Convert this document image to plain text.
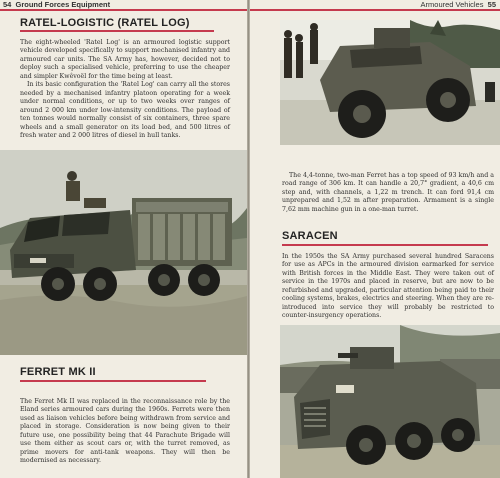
54 Ground Forces Equipment
RATEL-LOGISTIC (RATEL LOG)
The eight-wheeled 'Ratel Log' is an armoured logistic support vehicle developed specifically to support mechanised infantry and armoured car units. The SA Army has, however, decided not to deploy such a specialised vehicle, preferring to use the cheaper and simpler Kwêvoël for the time being at least.
In its basic configuration the 'Ratel Log' can carry all the stores needed by a mechanised infantry platoon operating for a week under normal conditions, or up to two weeks over ranges of around 2 000 km under low-intensity conditions. The payload of ten tonnes would normally consist of six containers, three spare wheels and a small generator on its load bed, and 500 litres of fresh water and 2 000 litres of diesel in hull tanks.
FERRET MK II
The Ferret Mk II was replaced in the reconnaissance role by the Eland series armoured cars during the 1960s. Ferrets were then used as liaison vehicles before being withdrawn from service and placed in storage. Consideration is now being given to their future use, one possibility being that 44 Parachute Brigade will use them either as scout cars or, with the turret removed, as prime movers for anti-tank weapons. They will then be modernised as necessary.
Armoured Vehicles 55
The 4,4-tonne, two-man Ferret has a top speed of 93 km/h and a road range of 306 km. It can handle a 20,7° gradient, a 40,6 cm step and, with channels, a 1,22 m trench. It can ford 91,4 cm unprepared and 1,52 m after preparation. Armament is a single 7,62 mm machine gun in a one-man turret.
SARACEN
In the 1950s the SA Army purchased several hundred Saracens for use as APCs in the armoured division earmarked for service with British forces in the Middle East. They were taken out of service in the 1970s and placed in reserve, but are now to be refurbished and upgraded, particular attention being paid to their cooling systems, brakes, electrics and steering. When they are re-introduced into service they will probably be restricted to counter-insurgency operations.
